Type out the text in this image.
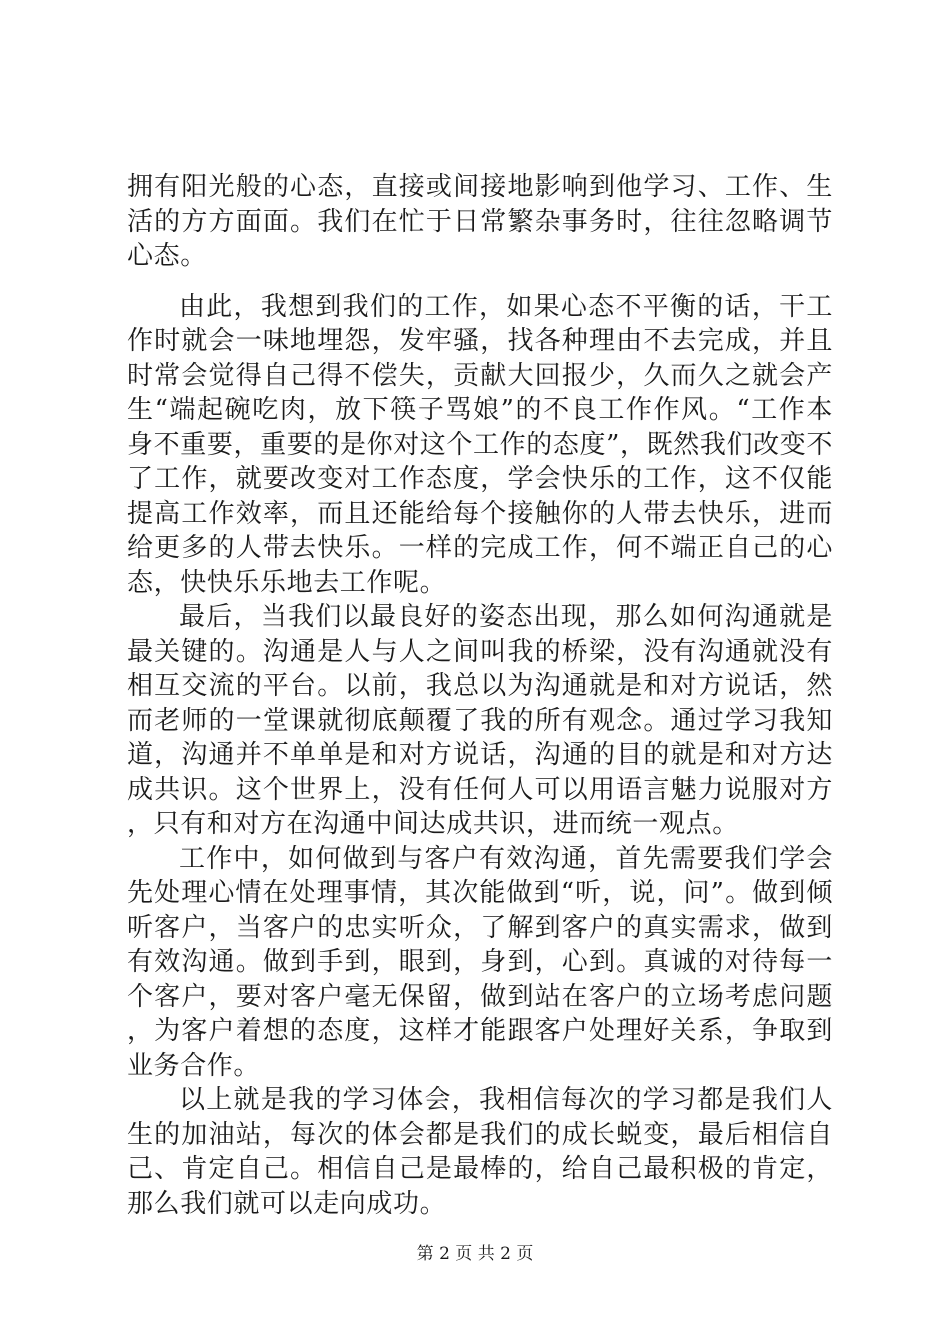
拥有阳光般的心态，直接或间接地影响到他学习、工作、生活的方方面面。我们在忙于日常繁杂事务时，往往忽略调节心态。

由此，我想到我们的工作，如果心态不平衡的话，干工作时就会一味地埋怨，发牢骚，找各种理由不去完成，并且时常会觉得自己得不偿失，贡献大回报少，久而久之就会产生“端起碗吃肉，放下筷子骂娘”的不良工作作风。“工作本身不重要，重要的是你对这个工作的态度”，既然我们改变不了工作，就要改变对工作态度，学会快乐的工作，这不仅能提高工作效率，而且还能给每个接触你的人带去快乐，进而给更多的人带去快乐。一样的完成工作，何不端正自己的心态，快快乐乐地去工作呢。

最后，当我们以最良好的姿态出现，那么如何沟通就是最关键的。沟通是人与人之间叫我的桥梁，没有沟通就没有相互交流的平台。以前，我总以为沟通就是和对方说话，然而老师的一堂课就彻底颠覆了我的所有观念。通过学习我知道，沟通并不单单是和对方说话，沟通的目的就是和对方达成共识。这个世界上，没有任何人可以用语言魅力说服对方，只有和对方在沟通中间达成共识，进而统一观点。

工作中，如何做到与客户有效沟通，首先需要我们学会先处理心情在处理事情，其次能做到“听，说，问”。做到倾听客户，当客户的忠实听众，了解到客户的真实需求，做到有效沟通。做到手到，眼到，身到，心到。真诚的对待每一个客户，要对客户毫无保留，做到站在客户的立场考虑问题，为客户着想的态度，这样才能跟客户处理好关系，争取到业务合作。

以上就是我的学习体会，我相信每次的学习都是我们人生的加油站，每次的体会都是我们的成长蜕变，最后相信自己、肯定自己。相信自己是最棒的，给自己最积极的肯定，那么我们就可以走向成功。

第 2 页 共 2 页
